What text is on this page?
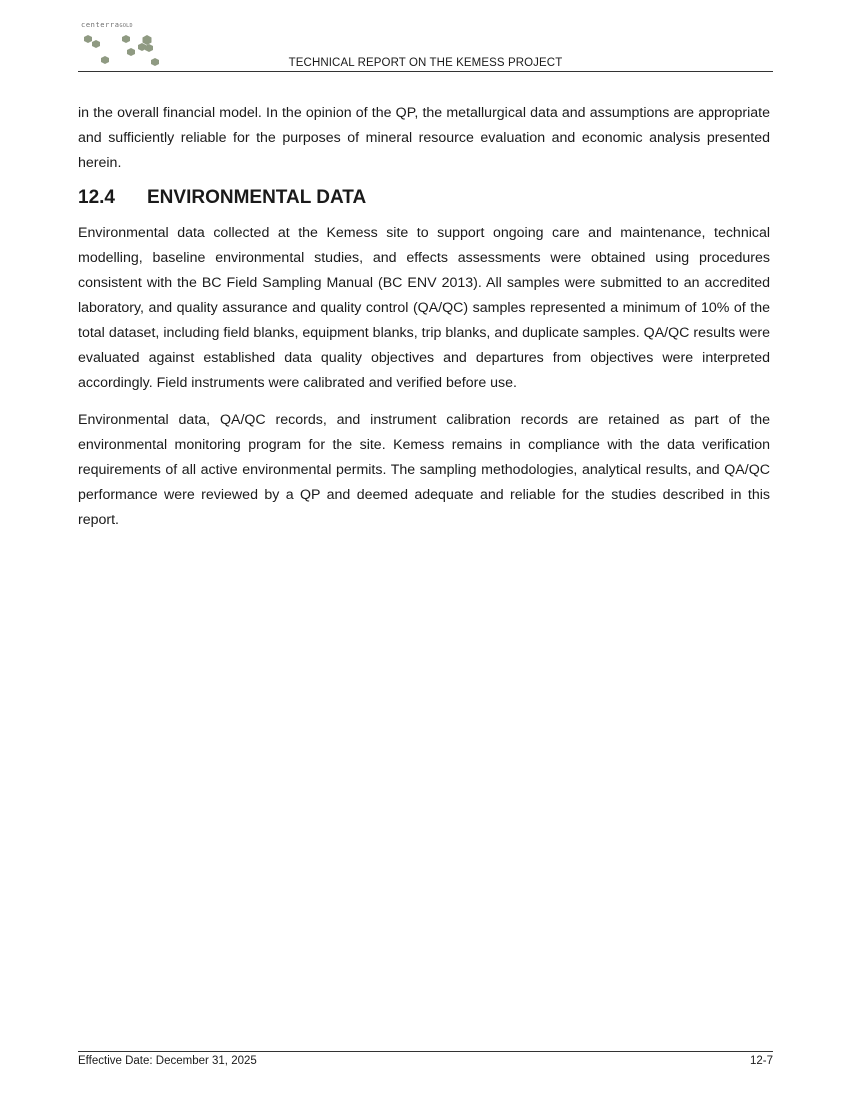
centerraGOLD
TECHNICAL REPORT ON THE KEMESS PROJECT

in the overall financial model. In the opinion of the QP, the metallurgical data and assumptions are appropriate and sufficiently reliable for the purposes of mineral resource evaluation and economic analysis presented herein.

12.4	ENVIRONMENTAL DATA

Environmental data collected at the Kemess site to support ongoing care and maintenance, technical modelling, baseline environmental studies, and effects assessments were obtained using procedures consistent with the BC Field Sampling Manual (BC ENV 2013). All samples were submitted to an accredited laboratory, and quality assurance and quality control (QA/QC) samples represented a minimum of 10% of the total dataset, including field blanks, equipment blanks, trip blanks, and duplicate samples. QA/QC results were evaluated against established data quality objectives and departures from objectives were interpreted accordingly. Field instruments were calibrated and verified before use.

Environmental data, QA/QC records, and instrument calibration records are retained as part of the environmental monitoring program for the site. Kemess remains in compliance with the data verification requirements of all active environmental permits. The sampling methodologies, analytical results, and QA/QC performance were reviewed by a QP and deemed adequate and reliable for the studies described in this report.

Effective Date: December 31, 2025	12-7
